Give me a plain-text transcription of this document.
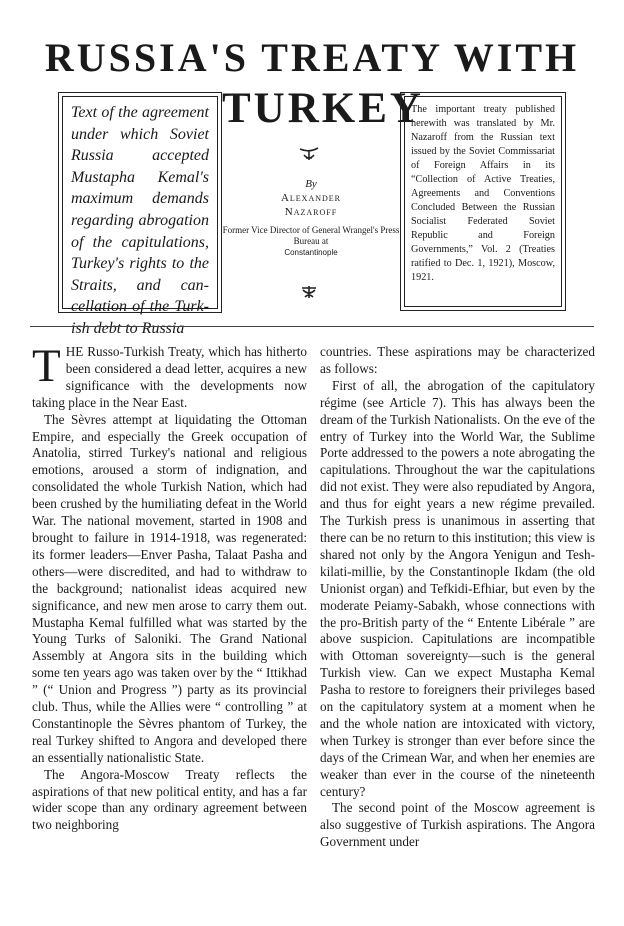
RUSSIA'S TREATY WITH
Text of the agreement under which Soviet Russia accepted Mustapha Kemal's maximum demands regarding abrogation of the capitulations, Turkey's rights to the Straits, and cancellation of the Turkish debt to Russia
TURKEY
By
Alexander
Nazaroff
Former Vice Director of General Wrangel's Press Bureau at
Constantinople
The important treaty published herewith was translated by Mr. Nazaroff from the Russian text issued by the Soviet Commissariat of Foreign Affairs in its “Collection of Active Treaties, Agreements and Conventions Concluded Between the Russian Socialist Federated Soviet Republic and Foreign Governments,” Vol. 2 (Treaties ratified to Dec. 1, 1921), Moscow, 1921.

THE Russo-Turkish Treaty, which has hitherto been considered a dead letter, acquires a new significance with the developments now taking place in the Near East.

The Sèvres attempt at liquidating the Ottoman Empire, and especially the Greek occupation of Anatolia, stirred Turkey's national and religious emotions, aroused a storm of indignation, and consolidated the whole Turkish Nation, which had been crushed by the humiliating defeat in the World War. The national movement, started in 1908 and brought to failure in 1914-1918, was regenerated: its former leaders—Enver Pasha, Talaat Pasha and others—were discredited, and had to withdraw to the background; nationalist ideas acquired new significance, and new men arose to carry them out. Mustapha Kemal fulfilled what was started by the Young Turks of Saloniki. The Grand National Assembly at Angora sits in the building which some ten years ago was taken over by the “ Ittikhad ” (“ Union and Progress ”) party as its provincial club. Thus, while the Allies were “ controlling ” at Constantinople the Sèvres phantom of Turkey, the real Turkey shifted to Angora and developed there an essentially nationalistic State.

The Angora-Moscow Treaty reflects the aspirations of that new political entity, and has a far wider scope than any ordinary agreement between two neighboring

countries. These aspirations may be characterized as follows:

First of all, the abrogation of the capitulatory régime (see Article 7). This has always been the dream of the Turkish Nationalists. On the eve of the entry of Turkey into the World War, the Sublime Porte addressed to the powers a note abrogating the capitulations. Throughout the war the capitulations did not exist. They were also repudiated by Angora, and thus for eight years a new régime prevailed. The Turkish press is unanimous in asserting that there can be no return to this institution; this view is shared not only by the Angora Yenigun and Teshkilati-millie, by the Constantinople Ikdam (the old Unionist organ) and Tefkidi-Efhiar, but even by the moderate Peiamy-Sabakh, whose connections with the pro-British party of the “ Entente Libérale ” are above suspicion. Capitulations are incompatible with Ottoman sovereignty—such is the general Turkish view. Can we expect Mustapha Kemal Pasha to restore to foreigners their privileges based on the capitulatory system at a moment when he and the whole nation are intoxicated with victory, when Turkey is stronger than ever before since the days of the Crimean War, and when her enemies are weaker than ever in the course of the nineteenth century?

The second point of the Moscow agreement is also suggestive of Turkish aspirations. The Angora Government under
